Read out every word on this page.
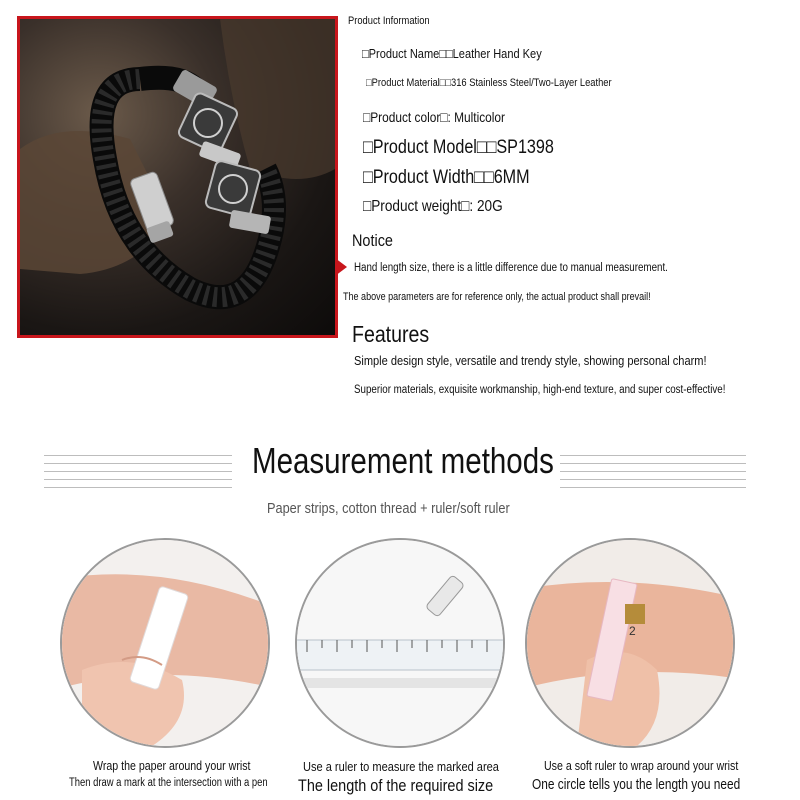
Product Information
□Product Name□□Leather Hand Key
□Product Material□□316 Stainless Steel/Two-Layer Leather
□Product color□: Multicolor
□Product Model□□SP1398
□Product Width□□6MM
□Product weight□: 20G
Notice
Hand length size, there is a little difference due to manual measurement.
The above parameters are for reference only, the actual product shall prevail!
Features
Simple design style, versatile and trendy style, showing personal charm!
Superior materials, exquisite workmanship, high-end texture, and super cost-effective!
Measurement methods
Paper strips, cotton thread + ruler/soft ruler
2
Wrap the paper around your wrist
Then draw a mark at the intersection with a pen
Use a ruler to measure the marked area
The length of the required size
Use a soft ruler to wrap around your wrist
One circle tells you the length you need
